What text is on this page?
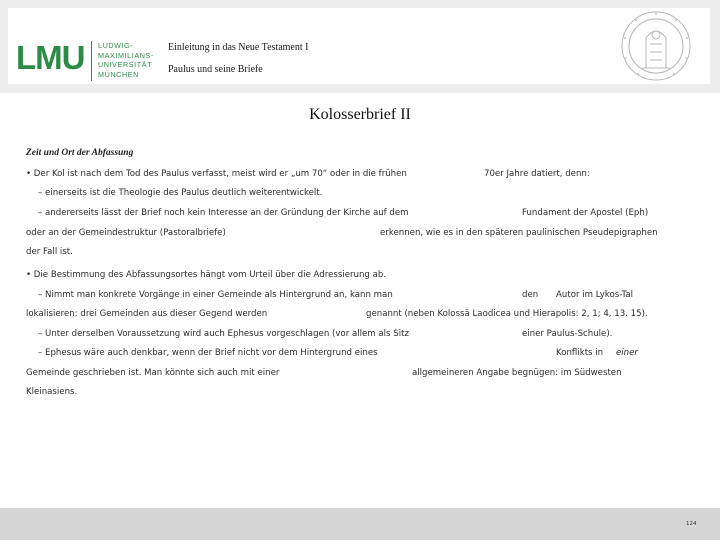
LMU LUDWIG-
MAXIMILIANS-
UNIVERSITÄT
MÜNCHEN
Einleitung in das Neue Testament I
Paulus und seine Briefe
Kolosserbrief II
Zeit und Ort der Abfassung
• Der Kol ist nach dem Tod des Paulus verfasst, meist wird er „um 70“ oder in die frühen	70er Jahre datiert, denn:
– einerseits ist die Theologie des Paulus deutlich weiterentwickelt.
– andererseits lässt der Brief noch kein Interesse an der Gründung der Kirche auf dem	Fundament der Apostel (Eph)
oder an der Gemeindestruktur (Pastoralbriefe)	erkennen, wie es in den späteren paulinischen Pseudepigraphen
der Fall ist.
• Die Bestimmung des Abfassungsortes hängt vom Urteil über die Adressierung ab.
– Nimmt man konkrete Vorgänge in einer Gemeinde als Hintergrund an, kann man	den Autor im Lykos-Tal
lokalisieren: drei Gemeinden aus dieser Gegend werden	genannt (neben Kolossä Laodicea und Hierapolis: 2, 1; 4, 13. 15).
– Unter derselben Voraussetzung wird auch Ephesus vorgeschlagen (vor allem als Sitz	einer Paulus-Schule).
– Ephesus wäre auch denkbar, wenn der Brief nicht vor dem Hintergrund eines	Konflikts in einer
Gemeinde geschrieben ist. Man könnte sich auch mit einer	allgemeineren Angabe begnügen: im Südwesten
Kleinasiens.
124
